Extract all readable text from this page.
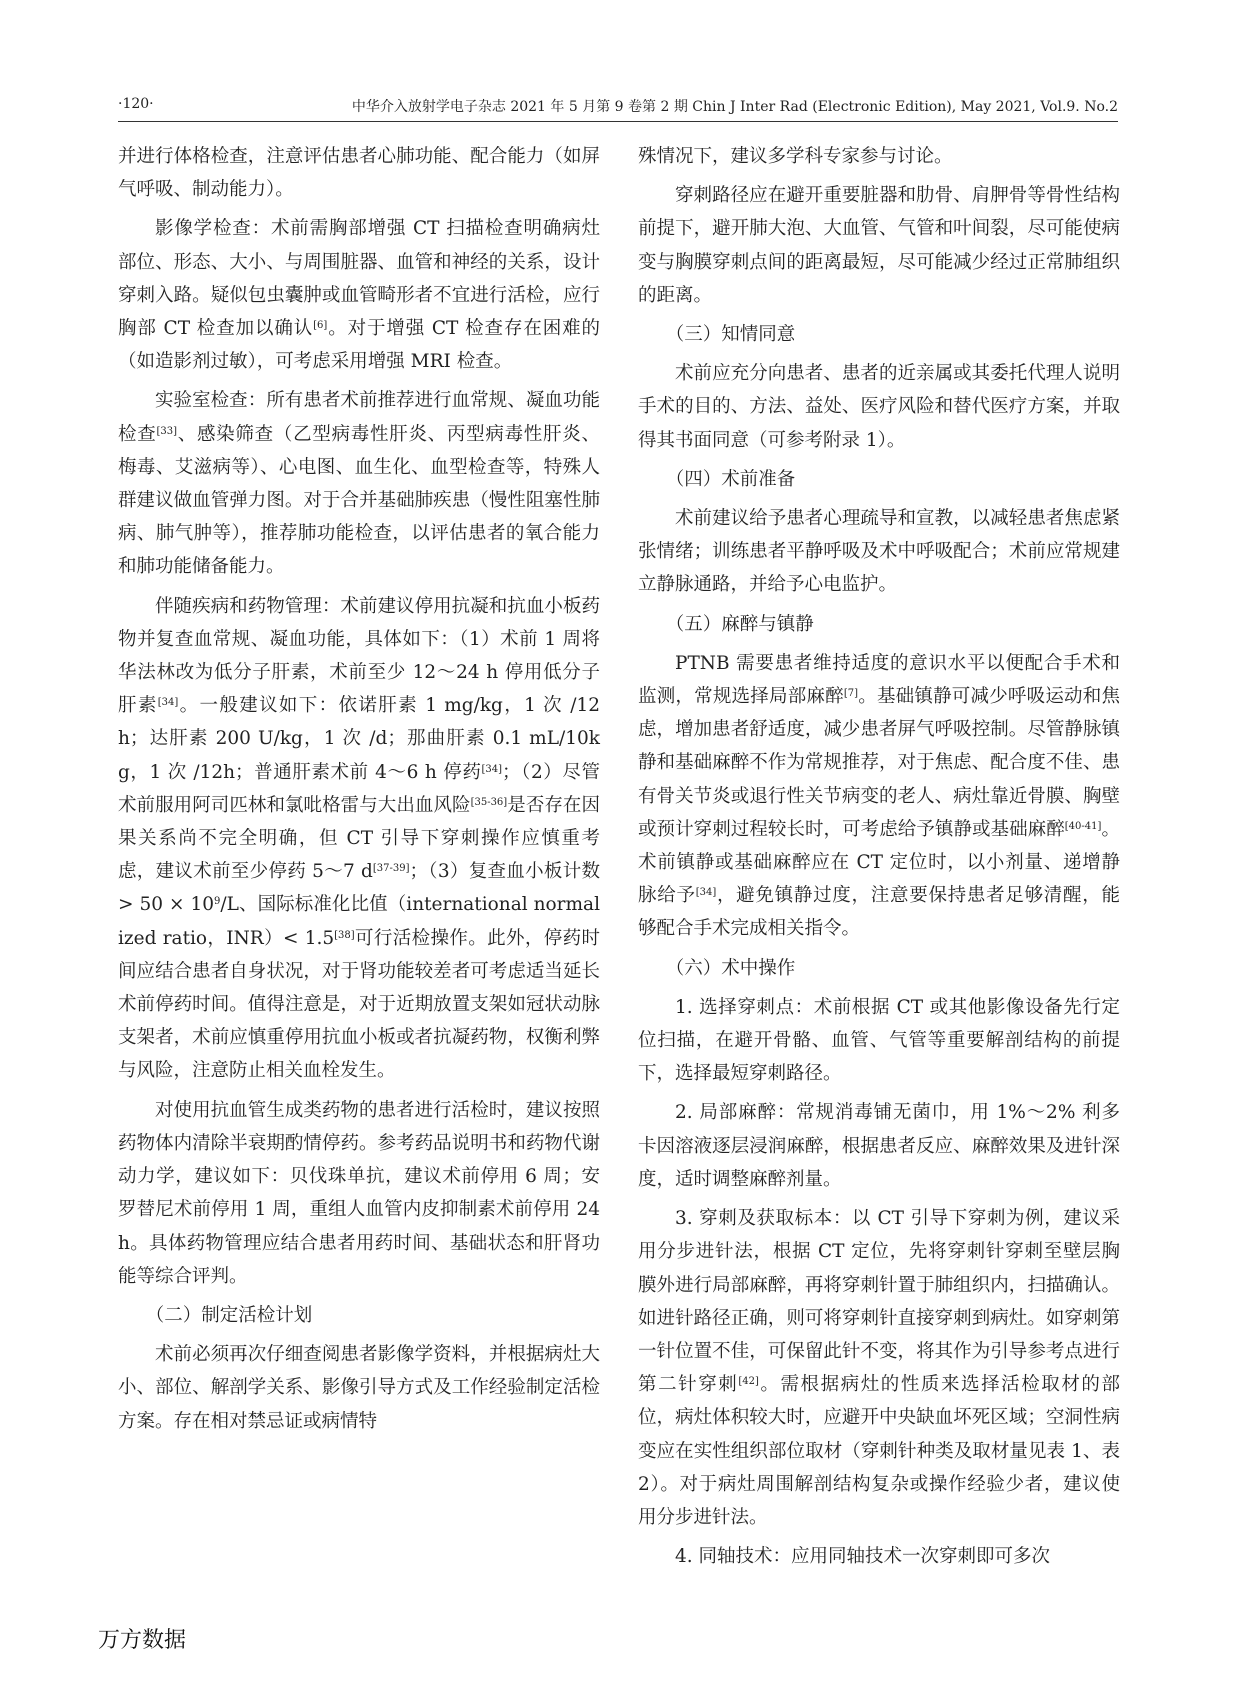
·120·	中华介入放射学电子杂志 2021 年 5 月第 9 卷第 2 期 Chin J Inter Rad (Electronic Edition), May 2021, Vol.9. No.2

并进行体格检查，注意评估患者心肺功能、配合能力（如屏气呼吸、制动能力）。

影像学检查：术前需胸部增强 CT 扫描检查明确病灶部位、形态、大小、与周围脏器、血管和神经的关系，设计穿刺入路。疑似包虫囊肿或血管畸形者不宜进行活检，应行胸部 CT 检查加以确认[6]。对于增强 CT 检查存在困难的（如造影剂过敏），可考虑采用增强 MRI 检查。

实验室检查：所有患者术前推荐进行血常规、凝血功能检查[33]、感染筛查（乙型病毒性肝炎、丙型病毒性肝炎、梅毒、艾滋病等）、心电图、血生化、血型检查等，特殊人群建议做血管弹力图。对于合并基础肺疾患（慢性阻塞性肺病、肺气肿等），推荐肺功能检查，以评估患者的氧合能力和肺功能储备能力。

伴随疾病和药物管理：术前建议停用抗凝和抗血小板药物并复查血常规、凝血功能，具体如下：（1）术前 1 周将华法林改为低分子肝素，术前至少 12～24 h 停用低分子肝素[34]。一般建议如下：依诺肝素 1 mg/kg，1 次 /12h；达肝素 200 U/kg，1 次 /d；那曲肝素 0.1 mL/10kg，1 次 /12h；普通肝素术前 4～6 h 停药[34]；（2）尽管术前服用阿司匹林和氯吡格雷与大出血风险[35-36]是否存在因果关系尚不完全明确，但 CT 引导下穿刺操作应慎重考虑，建议术前至少停药 5～7 d[37-39]；（3）复查血小板计数 > $50 \times 10^9/L$、国际标准化比值（international normalized ratio，INR）< 1.5[38]可行活检操作。此外，停药时间应结合患者自身状况，对于肾功能较差者可考虑适当延长术前停药时间。值得注意是，对于近期放置支架如冠状动脉支架者，术前应慎重停用抗血小板或者抗凝药物，权衡利弊与风险，注意防止相关血栓发生。

对使用抗血管生成类药物的患者进行活检时，建议按照药物体内清除半衰期酌情停药。参考药品说明书和药物代谢动力学，建议如下：贝伐珠单抗，建议术前停用 6 周；安罗替尼术前停用 1 周，重组人血管内皮抑制素术前停用 24 h。具体药物管理应结合患者用药时间、基础状态和肝肾功能等综合评判。

（二）制定活检计划

术前必须再次仔细查阅患者影像学资料，并根据病灶大小、部位、解剖学关系、影像引导方式及工作经验制定活检方案。存在相对禁忌证或病情特

殊情况下，建议多学科专家参与讨论。

穿刺路径应在避开重要脏器和肋骨、肩胛骨等骨性结构前提下，避开肺大泡、大血管、气管和叶间裂，尽可能使病变与胸膜穿刺点间的距离最短，尽可能减少经过正常肺组织的距离。

（三）知情同意

术前应充分向患者、患者的近亲属或其委托代理人说明手术的目的、方法、益处、医疗风险和替代医疗方案，并取得其书面同意（可参考附录 1）。

（四）术前准备

术前建议给予患者心理疏导和宣教，以减轻患者焦虑紧张情绪；训练患者平静呼吸及术中呼吸配合；术前应常规建立静脉通路，并给予心电监护。

（五）麻醉与镇静

PTNB 需要患者维持适度的意识水平以便配合手术和监测，常规选择局部麻醉[7]。基础镇静可减少呼吸运动和焦虑，增加患者舒适度，减少患者屏气呼吸控制。尽管静脉镇静和基础麻醉不作为常规推荐，对于焦虑、配合度不佳、患有骨关节炎或退行性关节病变的老人、病灶靠近骨膜、胸壁或预计穿刺过程较长时，可考虑给予镇静或基础麻醉[40-41]。术前镇静或基础麻醉应在 CT 定位时，以小剂量、递增静脉给予[34]，避免镇静过度，注意要保持患者足够清醒，能够配合手术完成相关指令。

（六）术中操作

1. 选择穿刺点：术前根据 CT 或其他影像设备先行定位扫描，在避开骨骼、血管、气管等重要解剖结构的前提下，选择最短穿刺路径。

2. 局部麻醉：常规消毒铺无菌巾，用 1%～2% 利多卡因溶液逐层浸润麻醉，根据患者反应、麻醉效果及进针深度，适时调整麻醉剂量。

3. 穿刺及获取标本：以 CT 引导下穿刺为例，建议采用分步进针法，根据 CT 定位，先将穿刺针穿刺至壁层胸膜外进行局部麻醉，再将穿刺针置于肺组织内，扫描确认。如进针路径正确，则可将穿刺针直接穿刺到病灶。如穿刺第一针位置不佳，可保留此针不变，将其作为引导参考点进行第二针穿刺[42]。需根据病灶的性质来选择活检取材的部位，病灶体积较大时，应避开中央缺血坏死区域；空洞性病变应在实性组织部位取材（穿刺针种类及取材量见表 1、表 2）。对于病灶周围解剖结构复杂或操作经验少者，建议使用分步进针法。

4. 同轴技术：应用同轴技术一次穿刺即可多次

万方数据
